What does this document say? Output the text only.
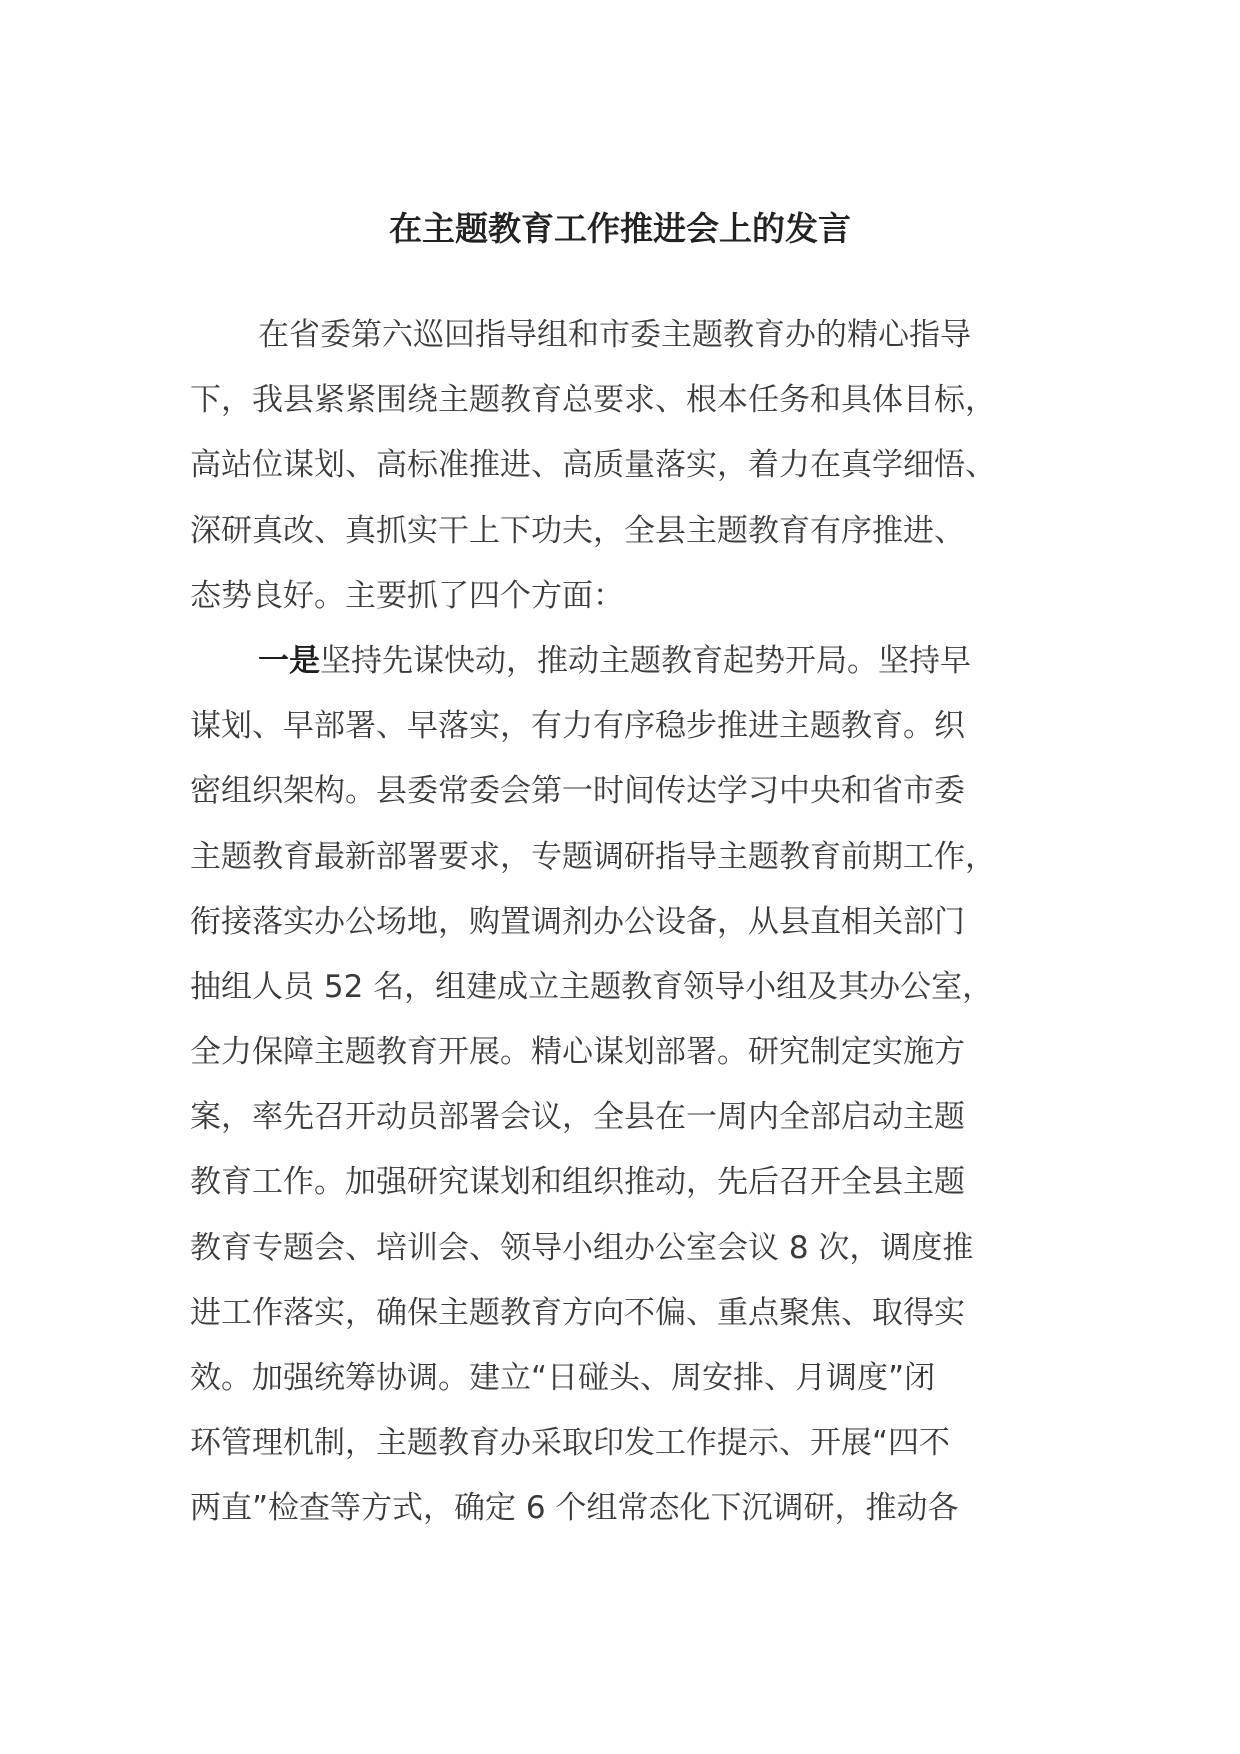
在主题教育工作推进会上的发言
在省委第六巡回指导组和市委主题教育办的精心指导
下，我县紧紧围绕主题教育总要求、根本任务和具体目标，
高站位谋划、高标准推进、高质量落实，着力在真学细悟、
深研真改、真抓实干上下功夫，全县主题教育有序推进、
态势良好。主要抓了四个方面：
一是坚持先谋快动，推动主题教育起势开局。坚持早
谋划、早部署、早落实，有力有序稳步推进主题教育。织
密组织架构。县委常委会第一时间传达学习中央和省市委
主题教育最新部署要求，专题调研指导主题教育前期工作，
衔接落实办公场地，购置调剂办公设备，从县直相关部门
抽组人员 52 名，组建成立主题教育领导小组及其办公室，
全力保障主题教育开展。精心谋划部署。研究制定实施方
案，率先召开动员部署会议，全县在一周内全部启动主题
教育工作。加强研究谋划和组织推动，先后召开全县主题
教育专题会、培训会、领导小组办公室会议 8 次，调度推
进工作落实，确保主题教育方向不偏、重点聚焦、取得实
效。加强统筹协调。建立“日碰头、周安排、月调度”闭
环管理机制，主题教育办采取印发工作提示、开展“四不
两直”检查等方式，确定 6 个组常态化下沉调研，推动各
